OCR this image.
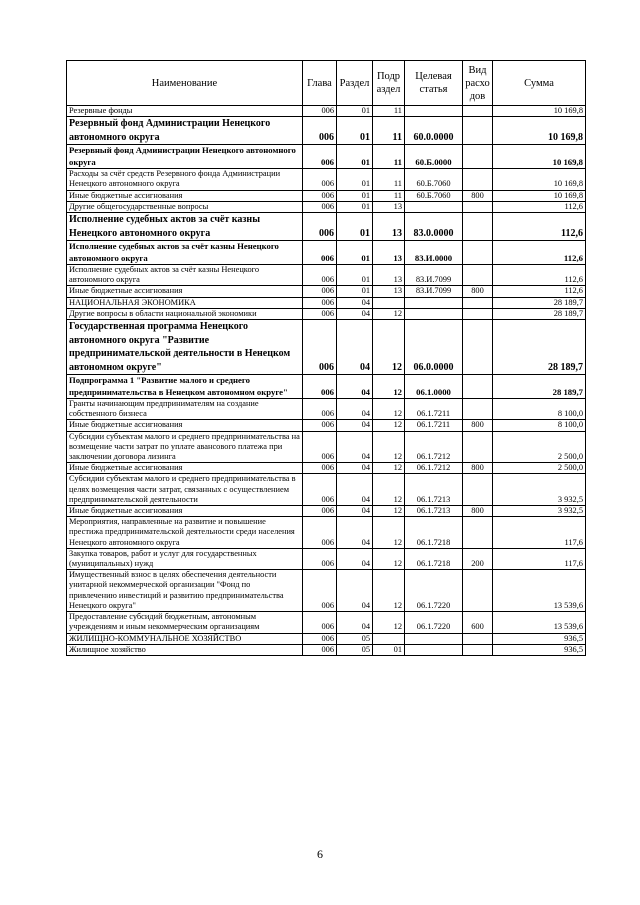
Наименование	Глава	Раздел	Подр аздел	Целевая статья	Вид расхо дов	Сумма
Резервные фонды	006	01	11			10 169,8
Резервный фонд Администрации Ненецкого автономного округа	006	01	11	60.0.0000		10 169,8
Резервный фонд Администрации Ненецкого автономного округа	006	01	11	60.Б.0000		10 169,8
Расходы за счёт средств Резервного фонда Администрации Ненецкого автономного округа	006	01	11	60.Б.7060		10 169,8
Иные бюджетные ассигнования	006	01	11	60.Б.7060	800	10 169,8
Другие общегосударственные вопросы	006	01	13			112,6
Исполнение судебных актов за счёт казны Ненецкого автономного округа	006	01	13	83.0.0000		112,6
Исполнение судебных актов за счёт казны Ненецкого автономного округа	006	01	13	83.И.0000		112,6
Исполнение судебных актов за счёт казны Ненецкого автономного округа	006	01	13	83.И.7099		112,6
Иные бюджетные ассигнования	006	01	13	83.И.7099	800	112,6
НАЦИОНАЛЬНАЯ ЭКОНОМИКА	006	04				28 189,7
Другие вопросы в области национальной экономики	006	04	12			28 189,7
Государственная программа Ненецкого автономного округа "Развитие предпринимательской деятельности в Ненецком автономном округе"	006	04	12	06.0.0000		28 189,7
Подпрограмма 1 "Развитие малого и среднего предпринимательства в Ненецком автономном округе"	006	04	12	06.1.0000		28 189,7
Гранты начинающим предпринимателям на создание собственного бизнеса	006	04	12	06.1.7211		8 100,0
Иные бюджетные ассигнования	006	04	12	06.1.7211	800	8 100,0
Субсидии субъектам малого и среднего предпринимательства на возмещение части затрат по уплате авансового платежа при заключении договора лизинга	006	04	12	06.1.7212		2 500,0
Иные бюджетные ассигнования	006	04	12	06.1.7212	800	2 500,0
Субсидии субъектам малого и среднего предпринимательства в целях возмещения части затрат, связанных с осуществлением предпринимательской деятельности	006	04	12	06.1.7213		3 932,5
Иные бюджетные ассигнования	006	04	12	06.1.7213	800	3 932,5
Мероприятия, направленные на развитие и повышение престижа предпринимательской деятельности среди населения Ненецкого автономного округа	006	04	12	06.1.7218		117,6
Закупка товаров, работ и услуг для государственных (муниципальных) нужд	006	04	12	06.1.7218	200	117,6
Имущественный взнос в целях обеспечения деятельности унитарной некоммерческой организации "Фонд по привлечению инвестиций и развитию предпринимательства Ненецкого округа"	006	04	12	06.1.7220		13 539,6
Предоставление субсидий бюджетным, автономным учреждениям и иным некоммерческим организациям	006	04	12	06.1.7220	600	13 539,6
ЖИЛИЩНО-КОММУНАЛЬНОЕ ХОЗЯЙСТВО	006	05				936,5
Жилищное хозяйство	006	05	01			936,5
6
